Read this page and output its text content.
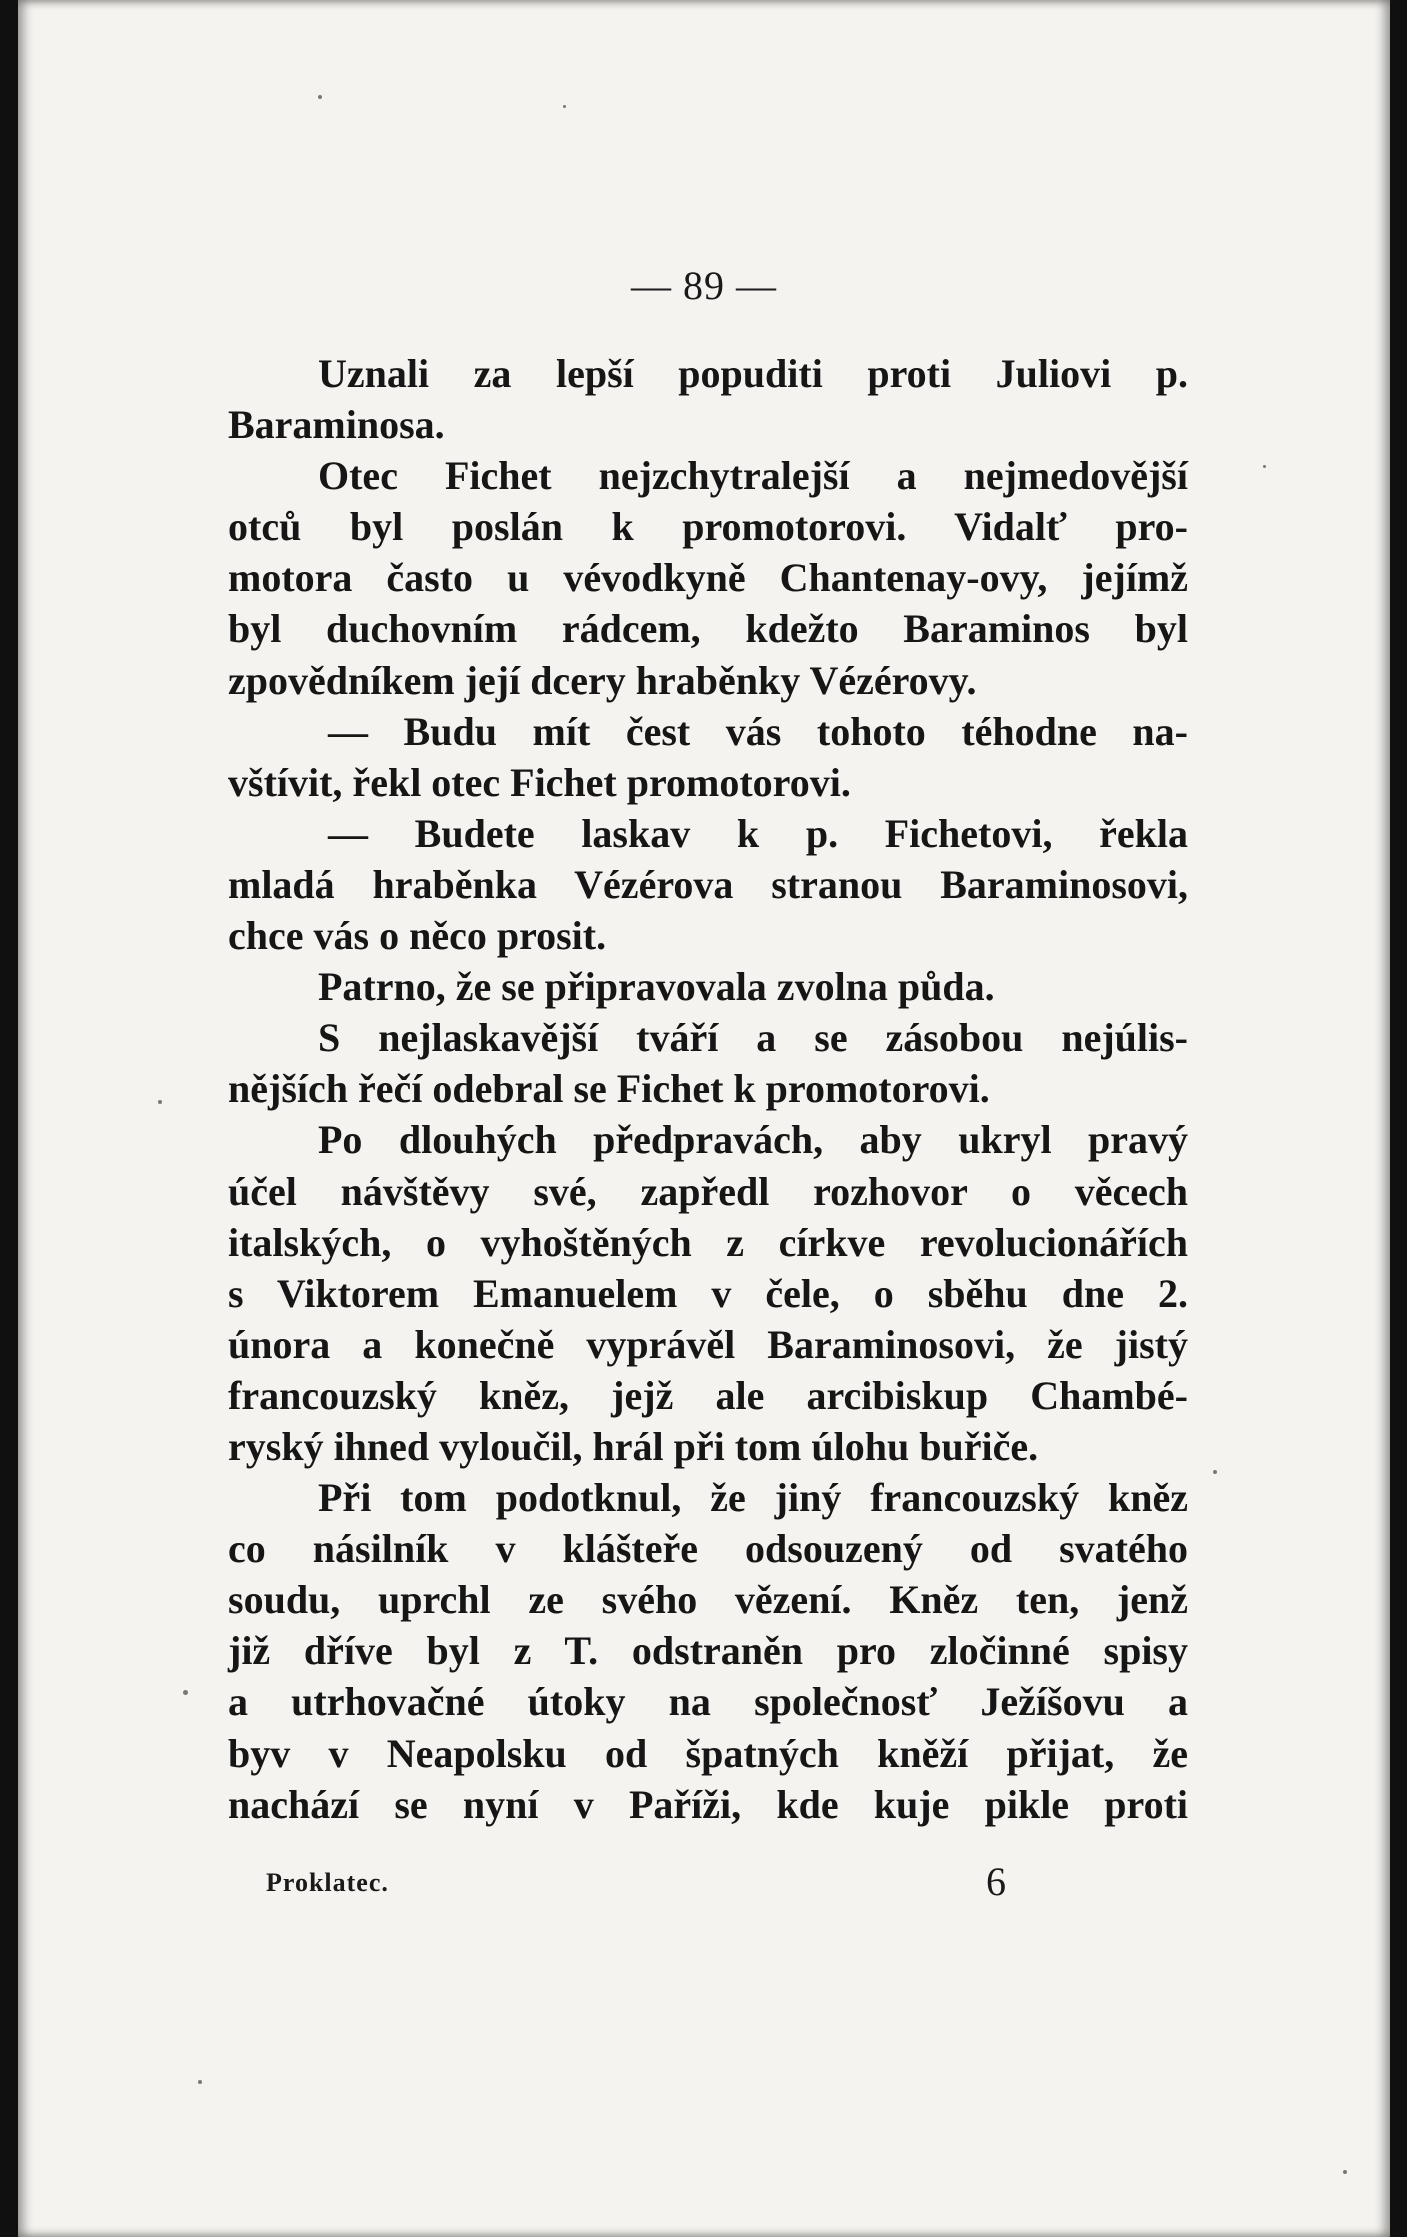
— 89 —
Uznali za lepší popuditi proti Juliovi p.
Baraminosa.
Otec Fichet nejzchytralejší a nejmedovější
otců byl poslán k promotorovi. Vidalť pro-
motora často u vévodkyně Chantenay-ovy, jejímž
byl duchovním rádcem, kdežto Baraminos byl
zpovědníkem její dcery hraběnky Vézérovy.
— Budu mít čest vás tohoto téhodne na-
vštívit, řekl otec Fichet promotorovi.
— Budete laskav k p. Fichetovi, řekla
mladá hraběnka Vézérova stranou Baraminosovi,
chce vás o něco prosit.
Patrno, že se připravovala zvolna půda.
S nejlaskavější tváří a se zásobou nejúlis-
nějších řečí odebral se Fichet k promotorovi.
Po dlouhých předpravách, aby ukryl pravý
účel návštěvy své, zapředl rozhovor o věcech
italských, o vyhoštěných z církve revolucionářích
s Viktorem Emanuelem v čele, o sběhu dne 2.
února a konečně vyprávěl Baraminosovi, že jistý
francouzský kněz, jejž ale arcibiskup Chambé-
ryský ihned vyloučil, hrál při tom úlohu buřiče.
Při tom podotknul, že jiný francouzský kněz
co násilník v klášteře odsouzený od svatého
soudu, uprchl ze svého vězení. Kněz ten, jenž
již dříve byl z T. odstraněn pro zločinné spisy
a utrhovačné útoky na společnosť Ježíšovu a
byv v Neapolsku od špatných kněží přijat, že
nachází se nyní v Paříži, kde kuje pikle proti
Proklatec.	6
